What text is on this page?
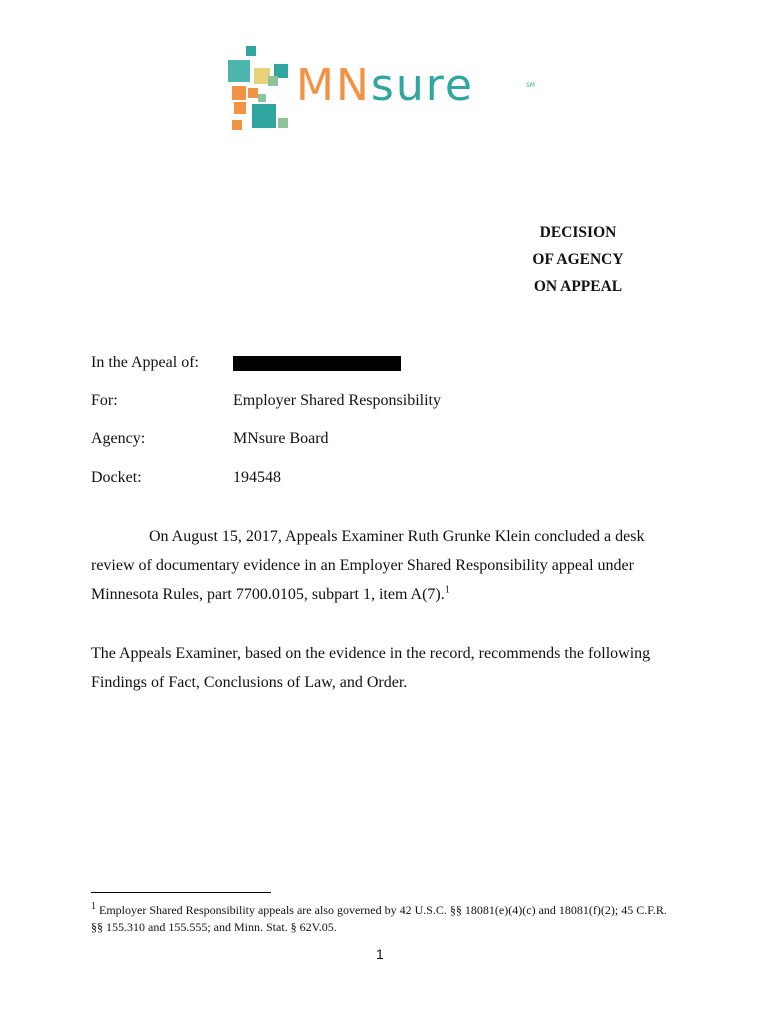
MNsure	SM
DECISION
OF AGENCY
ON APPEAL
In the Appeal of:
For:	Employer Shared Responsibility
Agency:	MNsure Board
Docket:	194548
On August 15, 2017, Appeals Examiner Ruth Grunke Klein concluded a desk review of documentary evidence in an Employer Shared Responsibility appeal under Minnesota Rules, part 7700.0105, subpart 1, item A(7).$^1$
The Appeals Examiner, based on the evidence in the record, recommends the following Findings of Fact, Conclusions of Law, and Order.
$^1$ Employer Shared Responsibility appeals are also governed by 42 U.S.C. §§ 18081(e)(4)(c) and 18081(f)(2); 45 C.F.R. §§ 155.310 and 155.555; and Minn. Stat. § 62V.05.
1
